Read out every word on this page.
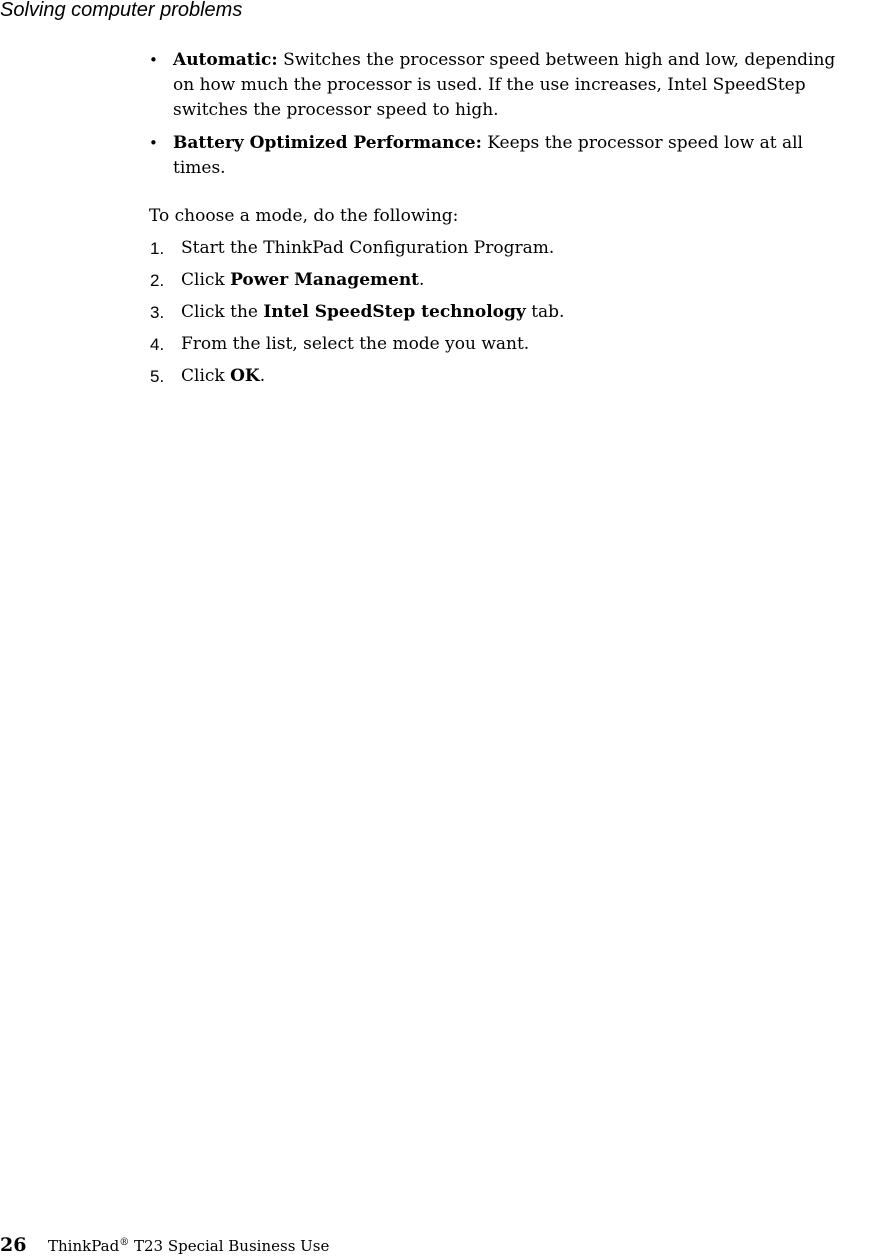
Solving computer problems
• Automatic: Switches the processor speed between high and low, depending
on how much the processor is used. If the use increases, Intel SpeedStep
switches the processor speed to high.
• Battery Optimized Performance: Keeps the processor speed low at all
times.

To choose a mode, do the following:

1. Start the ThinkPad Configuration Program.
2. Click Power Management.
3. Click the Intel SpeedStep technology tab.
4. From the list, select the mode you want.
5. Click OK.
26 ThinkPad® T23 Special Business Use
